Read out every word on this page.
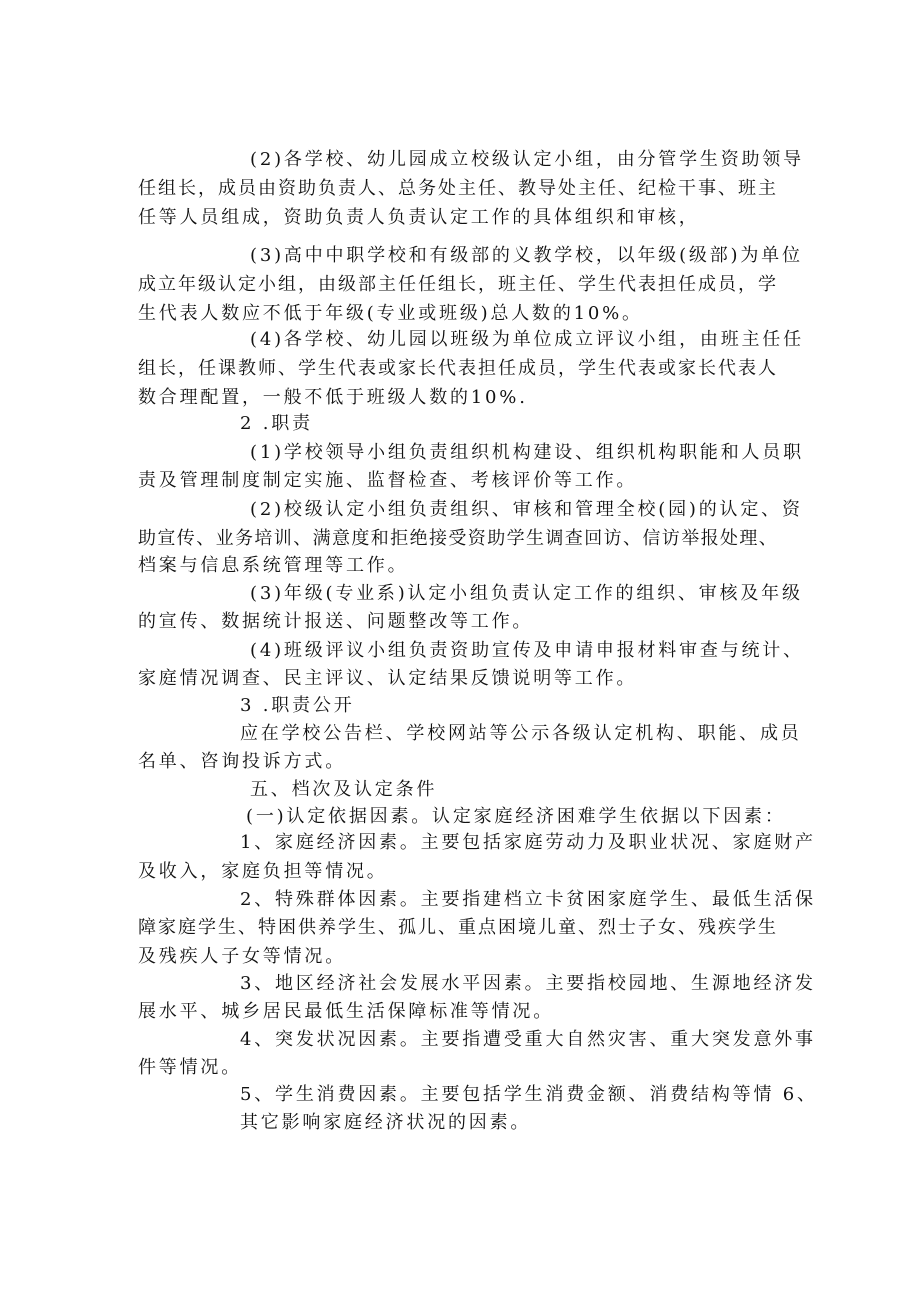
(2)各学校、幼儿园成立校级认定小组，由分管学生资助领导
任组长，成员由资助负责人、总务处主任、教导处主任、纪检干事、班主
任等人员组成，资助负责人负责认定工作的具体组织和审核，
(3)高中中职学校和有级部的义教学校，以年级(级部)为单位
成立年级认定小组，由级部主任任组长，班主任、学生代表担任成员，学
生代表人数应不低于年级(专业或班级)总人数的10%。
(4)各学校、幼儿园以班级为单位成立评议小组，由班主任任
组长，任课教师、学生代表或家长代表担任成员，学生代表或家长代表人
数合理配置，一般不低于班级人数的10%.
2 .职责
(1)学校领导小组负责组织机构建设、组织机构职能和人员职
责及管理制度制定实施、监督检查、考核评价等工作。
(2)校级认定小组负责组织、审核和管理全校(园)的认定、资
助宣传、业务培训、满意度和拒绝接受资助学生调查回访、信访举报处理、
档案与信息系统管理等工作。
(3)年级(专业系)认定小组负责认定工作的组织、审核及年级
的宣传、数据统计报送、问题整改等工作。
(4)班级评议小组负责资助宣传及申请申报材料审查与统计、
家庭情况调查、民主评议、认定结果反馈说明等工作。
3 .职责公开
应在学校公告栏、学校网站等公示各级认定机构、职能、成员
名单、咨询投诉方式。
五、档次及认定条件
(一)认定依据因素。认定家庭经济困难学生依据以下因素：
1、家庭经济因素。主要包括家庭劳动力及职业状况、家庭财产
及收入，家庭负担等情况。
2、特殊群体因素。主要指建档立卡贫困家庭学生、最低生活保
障家庭学生、特困供养学生、孤儿、重点困境儿童、烈士子女、残疾学生
及残疾人子女等情况。
3、地区经济社会发展水平因素。主要指校园地、生源地经济发
展水平、城乡居民最低生活保障标准等情况。
4、突发状况因素。主要指遭受重大自然灾害、重大突发意外事
件等情况。
5、学生消费因素。主要包括学生消费金额、消费结构等情 6、
其它影响家庭经济状况的因素。
